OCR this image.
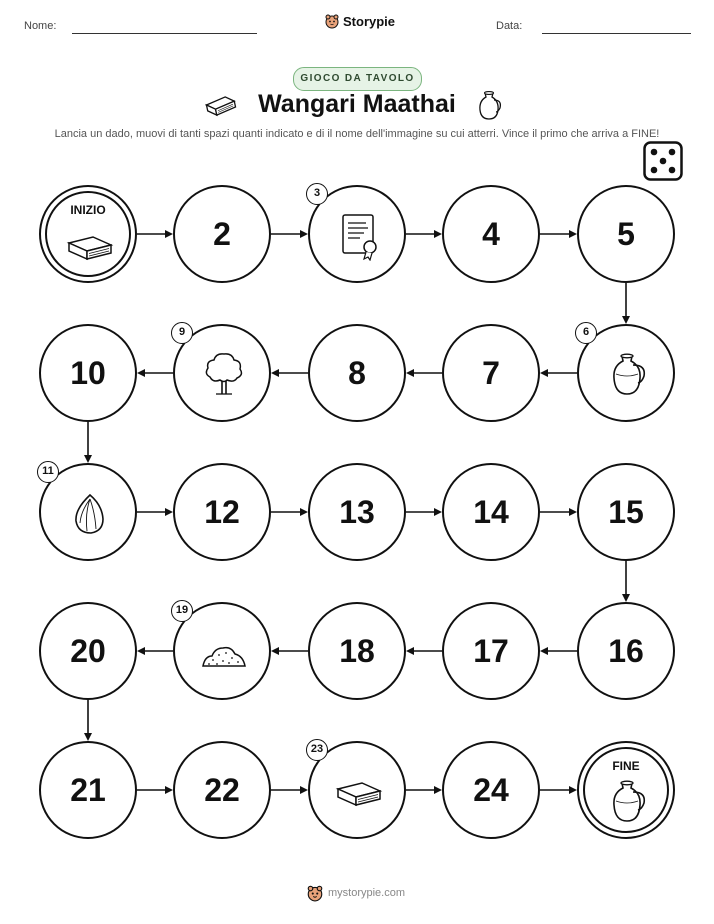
Nome:	Storypie	Data:
GIOCO DA TAVOLO
Wangari Maathai
Lancia un dado, muovi di tanti spazi quanti indicato e di il nome dell'immagine su cui atterri. Vince il primo che arriva a FINE!
INIZIO
2
3
4	5
6
7
8
9
10
11
12	13	14	15
16
17
18
19
20
21	22
23
24
FINE
mystorypie.com
